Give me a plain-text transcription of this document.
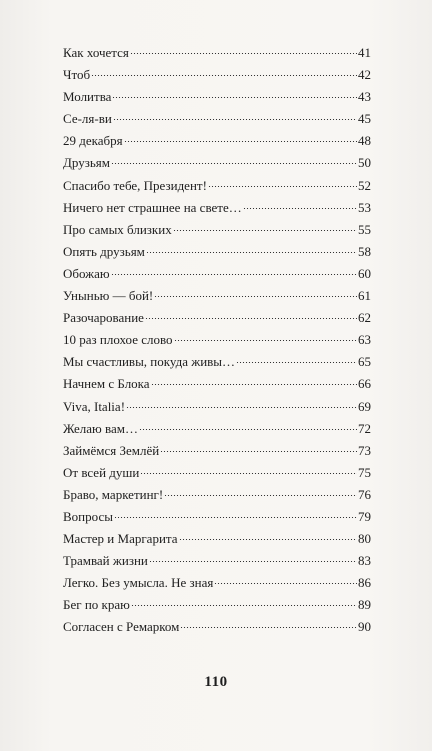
Как хочется	41
Чтоб	42
Молитва	43
Се-ля-ви	45
29 декабря	48
Друзьям	50
Спасибо тебе, Президент!	52
Ничего нет страшнее на свете…	53
Про самых близких	55
Опять друзьям	58
Обожаю	60
Унынью — бой!	61
Разочарование	62
10 раз плохое слово	63
Мы счастливы, покуда живы…	65
Начнем с Блока	66
Viva, Italia!	69
Желаю вам…	72
Займёмся Землёй	73
От всей души	75
Браво, маркетинг!	76
Вопросы	79
Мастер и Маргарита	80
Трамвай жизни	83
Легко. Без умысла. Не зная	86
Бег по краю	89
Согласен с Ремарком	90
110
